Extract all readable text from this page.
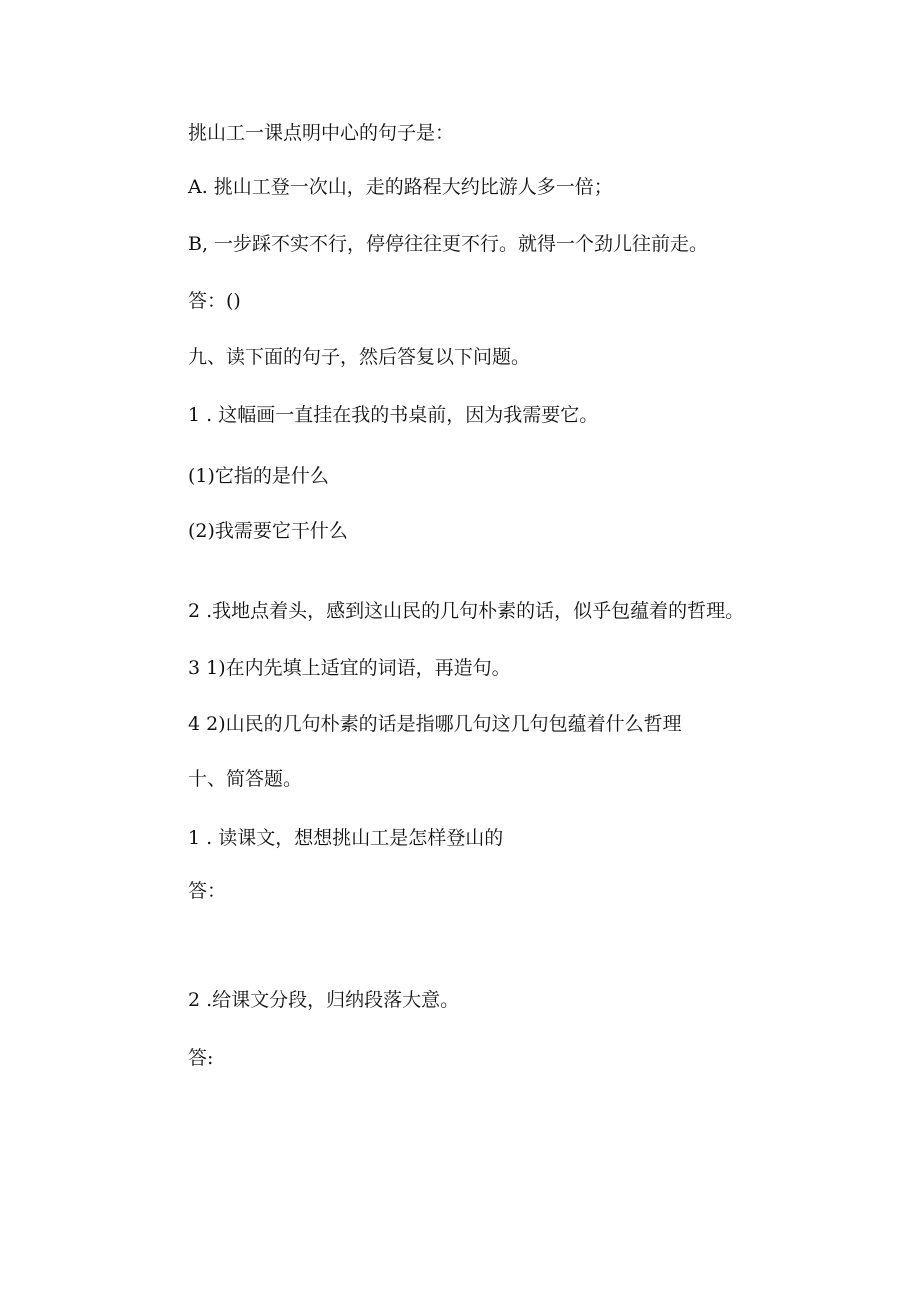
挑山工一课点明中心的句子是：
A. 挑山工登一次山，走的路程大约比游人多一倍；
B, 一步踩不实不行，停停往往更不行。就得一个劲儿往前走。
答：()
九、读下面的句子，然后答复以下问题。
1 . 这幅画一直挂在我的书桌前，因为我需要它。
(1)它指的是什么
(2)我需要它干什么
2 .我地点着头，感到这山民的几句朴素的话，似乎包蕴着的哲理。
3 1)在内先填上适宜的词语，再造句。
4 2)山民的几句朴素的话是指哪几句这几句包蕴着什么哲理
十、简答题。
1 . 读课文，想想挑山工是怎样登山的
答：
2 .给课文分段，归纳段落大意。
答:
